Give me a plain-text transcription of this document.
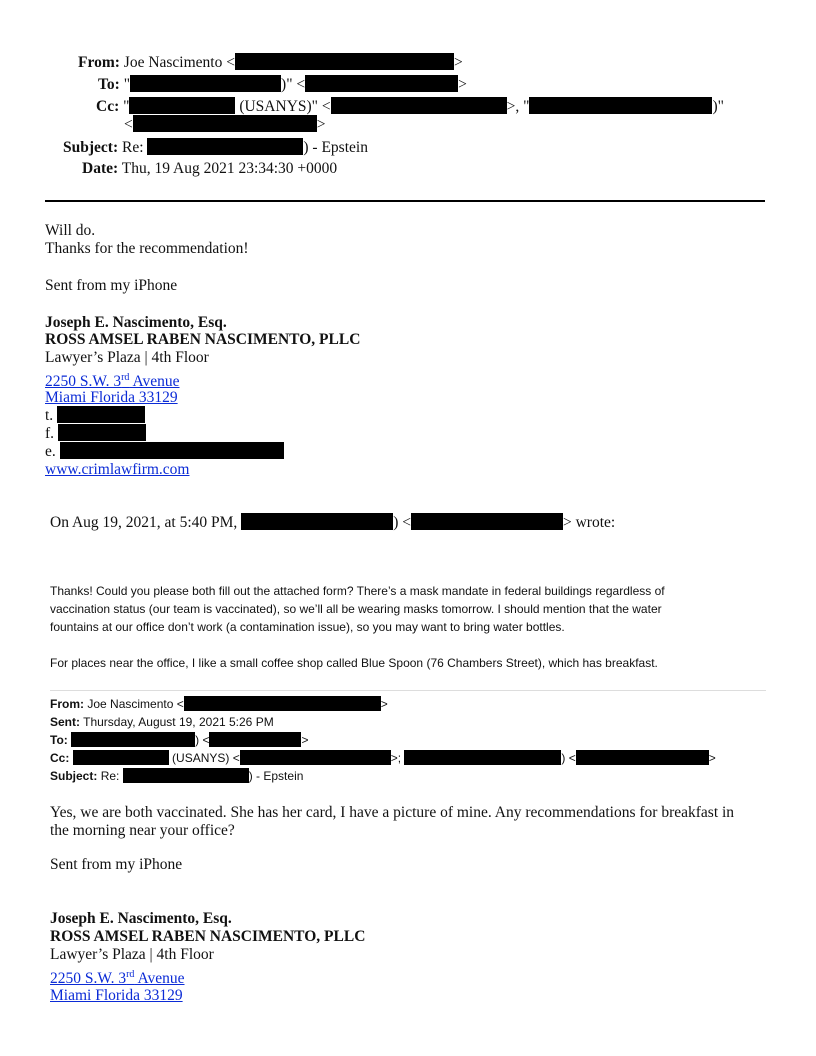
From: Joe Nascimento <	>
To: "	)" <	>
Cc: "	(USANYS)" <	>, "	)"
<	>
Subject: Re:	) - Epstein
Date: Thu, 19 Aug 2021 23:34:30 +0000
Will do.
Thanks for the recommendation!
Sent from my iPhone
Joseph E. Nascimento, Esq.
ROSS AMSEL RABEN NASCIMENTO, PLLC
Lawyer’s Plaza | 4th Floor
2250 S.W. 3rd Avenue
Miami Florida 33129
t.
f.
e.
www.crimlawfirm.com
On Aug 19, 2021, at 5:40 PM,	) <	> wrote:
Thanks! Could you please both fill out the attached form? There’s a mask mandate in federal buildings regardless of
vaccination status (our team is vaccinated), so we’ll all be wearing masks tomorrow. I should mention that the water
fountains at our office don’t work (a contamination issue), so you may want to bring water bottles.
For places near the office, I like a small coffee shop called Blue Spoon (76 Chambers Street), which has breakfast.
From: Joe Nascimento <	>
Sent: Thursday, August 19, 2021 5:26 PM
To:	) <	>
Cc:	(USANYS) <	>;	) <	>
Subject: Re:	) - Epstein
Yes, we are both vaccinated. She has her card, I have a picture of mine. Any recommendations for breakfast in
the morning near your office?
Sent from my iPhone
Joseph E. Nascimento, Esq.
ROSS AMSEL RABEN NASCIMENTO, PLLC
Lawyer’s Plaza | 4th Floor
2250 S.W. 3rd Avenue
Miami Florida 33129
